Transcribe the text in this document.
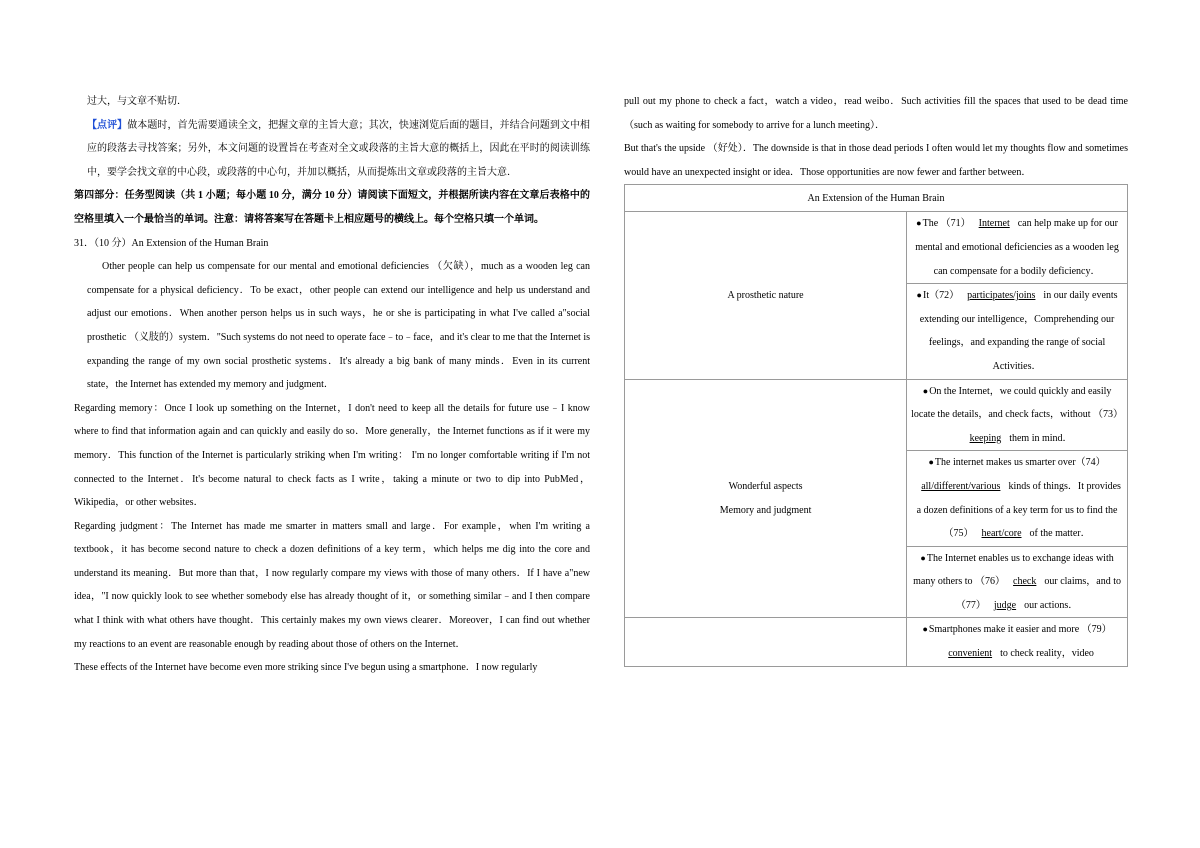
过大，与文章不贴切．

【点评】做本题时，首先需要通读全文，把握文章的主旨大意；其次，快速浏览后面的题目，并结合问题到文中相应的段落去寻找答案；另外，本文问题的设置旨在考查对全文或段落的主旨大意的概括上，因此在平时的阅读训练中，要学会找文章的中心段，或段落的中心句，并加以概括，从而提炼出文章或段落的主旨大意．

第四部分：任务型阅读（共 1 小题；每小题 10 分，满分 10 分）请阅读下面短文，并根据所读内容在文章后表格中的空格里填入一个最恰当的单词。注意：请将答案写在答题卡上相应题号的横线上。每个空格只填一个单词。

31．（10 分）An Extension of the Human Brain

Other people can help us compensate for our mental and emotional deficiencies （欠缺），much as a wooden leg can compensate for a physical deficiency．To be exact，other people can extend our intelligence and help us understand and adjust our emotions．When another person helps us in such ways，he or she is participating in what I've called a"social prosthetic （义肢的）system．"Such systems do not need to operate face﹣to﹣face，and it's clear to me that the Internet is expanding the range of my own social prosthetic systems．It's already a big bank of many minds．Even in its current state，the Internet has extended my memory and judgment．

Regarding memory：Once I look up something on the Internet，I don't need to keep all the details for future use﹣I know where to find that information again and can quickly and easily do so．More generally，the Internet functions as if it were my memory．This function of the Internet is particularly striking when I'm writing： I'm no longer comfortable writing if I'm not connected to the Internet．It's become natural to check facts as I write，taking a minute or two to dip into PubMed，Wikipedia，or other websites．

Regarding judgment：The Internet has made me smarter in matters small and large．For example，when I'm writing a textbook，it has become second nature to check a dozen definitions of a key term，which helps me dig into the core and understand its meaning．But more than that，I now regularly compare my views with those of many others．If I have a"new idea，"I now quickly look to see whether somebody else has already thought of it，or something similar﹣and I then compare what I think with what others have thought．This certainly makes my own views clearer．Moreover，I can find out whether my reactions to an event are reasonable enough by reading about those of others on the Internet．

These effects of the Internet have become even more striking since I've begun using a smartphone．I now regularly

pull out my phone to check a fact，watch a video，read weibo．Such activities fill the spaces that used to be dead time （such as waiting for somebody to arrive for a lunch meeting）．

But that's the upside （好处）．The downside is that in those dead periods I often would let my thoughts flow and sometimes would have an unexpected insight or idea．Those opportunities are now fewer and farther between．

An Extension of the Human Brain	
A prosthetic nature	●The （71） Internet can help make up for our mental and emotional deficiencies as a wooden leg can compensate for a bodily deficiency．
	●It（72） participates/joins in our daily events extending our intelligence，Comprehending our feelings，and expanding the range of social Activities．

Wonderful aspects
Memory and judgment	●On the Internet，we could quickly and easily locate the details，and check facts，without （73）keeping them in mind．
	●The internet makes us smarter over（74）all/different/various kinds of things．It provides a dozen definitions of a key term for us to find the （75） heart/core of the matter．
	●The Internet enables us to exchange ideas with many others to （76） check our claims，and to （77） judge our actions．
	●Smartphones make it easier and more （79）convenient to check reality，video
